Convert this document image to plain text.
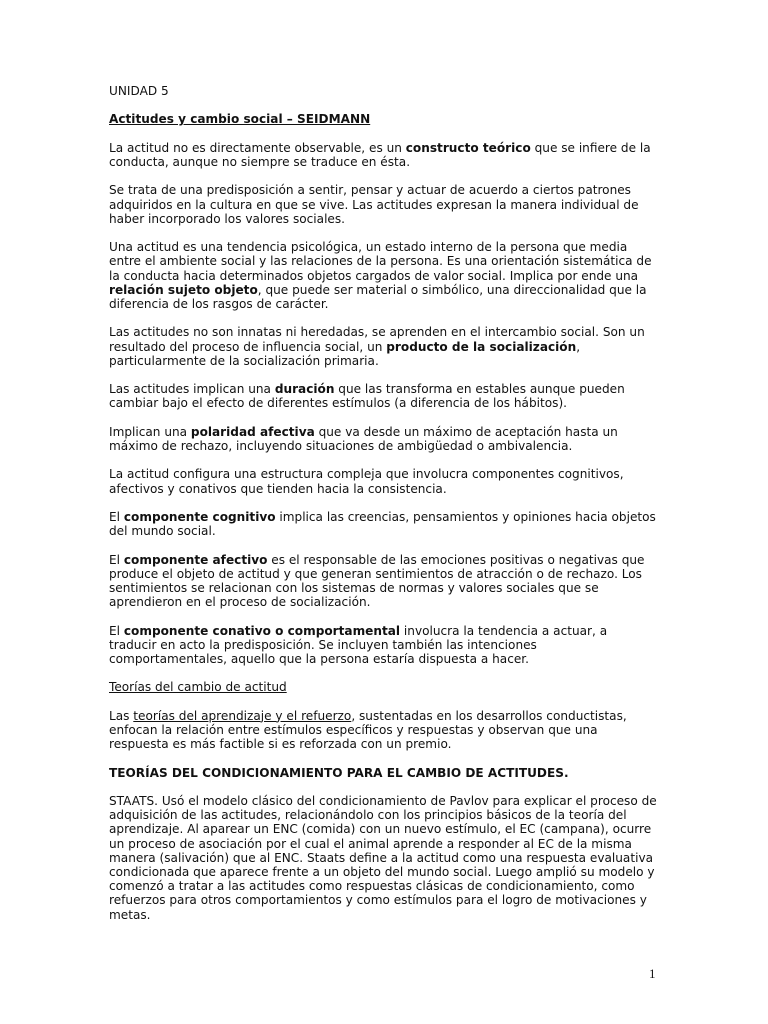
UNIDAD 5

Actitudes y cambio social – SEIDMANN

La actitud no es directamente observable, es un constructo teórico que se infiere de la conducta, aunque no siempre se traduce en ésta.

Se trata de una predisposición a sentir, pensar y actuar de acuerdo a ciertos patrones adquiridos en la cultura en que se vive. Las actitudes expresan la manera individual de haber incorporado los valores sociales.

Una actitud es una tendencia psicológica, un estado interno de la persona que media entre el ambiente social y las relaciones de la persona. Es una orientación sistemática de la conducta hacia determinados objetos cargados de valor social. Implica por ende una relación sujeto objeto, que puede ser material o simbólico, una direccionalidad que la diferencia de los rasgos de carácter.

Las actitudes no son innatas ni heredadas, se aprenden en el intercambio social. Son un resultado del proceso de influencia social, un producto de la socialización, particularmente de la socialización primaria.

Las actitudes implican una duración que las transforma en estables aunque pueden cambiar bajo el efecto de diferentes estímulos (a diferencia de los hábitos).

Implican una polaridad afectiva que va desde un máximo de aceptación hasta un máximo de rechazo, incluyendo situaciones de ambigüedad o ambivalencia.

La actitud configura una estructura compleja que involucra componentes cognitivos, afectivos y conativos que tienden hacia la consistencia.

El componente cognitivo implica las creencias, pensamientos y opiniones hacia objetos del mundo social.

El componente afectivo es el responsable de las emociones positivas o negativas que produce el objeto de actitud y que generan sentimientos de atracción o de rechazo. Los sentimientos se relacionan con los sistemas de normas y valores sociales que se aprendieron en el proceso de socialización.

El componente conativo o comportamental involucra la tendencia a actuar, a traducir en acto la predisposición. Se incluyen también las intenciones comportamentales, aquello que la persona estaría dispuesta a hacer.

Teorías del cambio de actitud

Las teorías del aprendizaje y el refuerzo, sustentadas en los desarrollos conductistas, enfocan la relación entre estímulos específicos y respuestas y observan que una respuesta es más factible si es reforzada con un premio.

TEORÍAS DEL CONDICIONAMIENTO PARA EL CAMBIO DE ACTITUDES.

STAATS. Usó el modelo clásico del condicionamiento de Pavlov para explicar el proceso de adquisición de las actitudes, relacionándolo con los principios básicos de la teoría del aprendizaje. Al aparear un ENC (comida) con un nuevo estímulo, el EC (campana), ocurre un proceso de asociación por el cual el animal aprende a responder al EC de la misma manera (salivación) que al ENC. Staats define a la actitud como una respuesta evaluativa condicionada que aparece frente a un objeto del mundo social. Luego amplió su modelo y comenzó a tratar a las actitudes como respuestas clásicas de condicionamiento, como refuerzos para otros comportamientos y como estímulos para el logro de motivaciones y metas.

1
